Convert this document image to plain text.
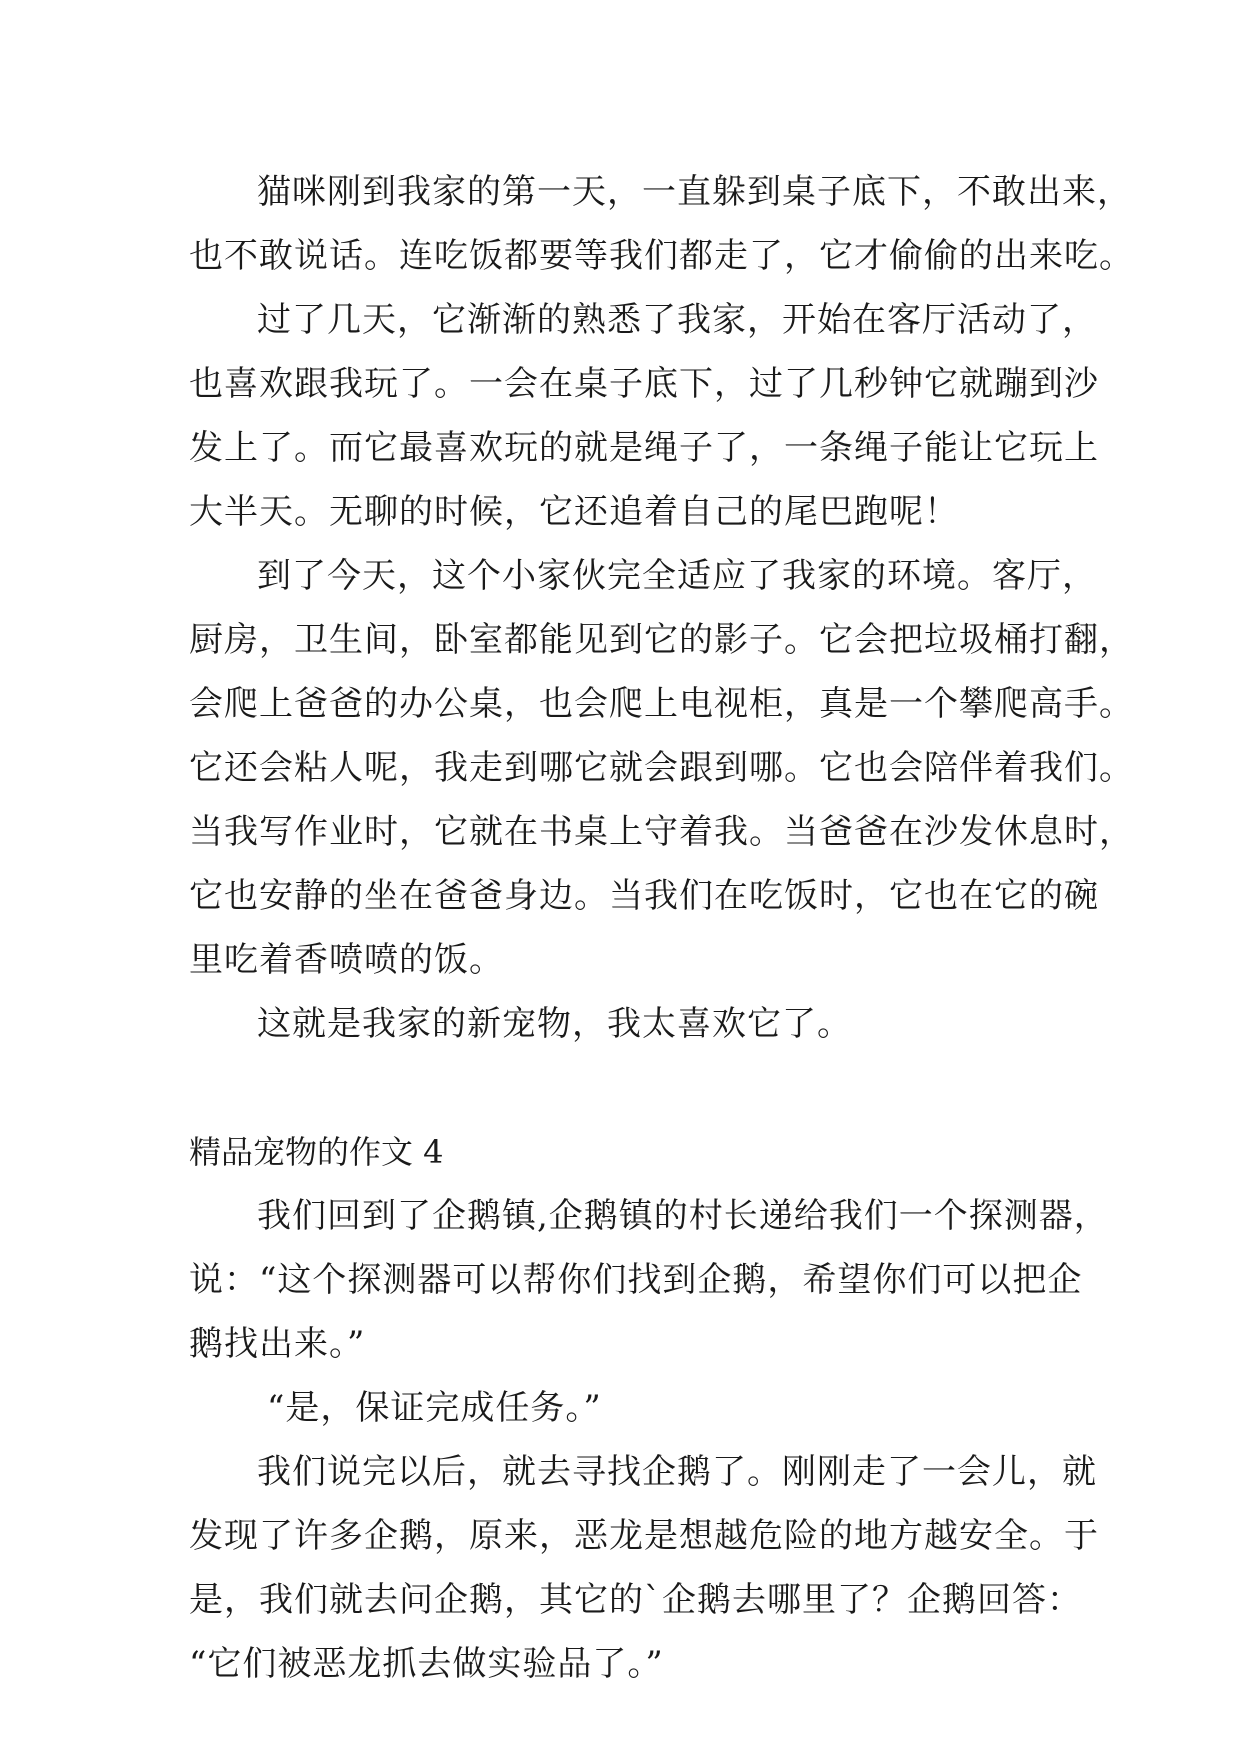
猫咪刚到我家的第一天，一直躲到桌子底下，不敢出来，
也不敢说话。连吃饭都要等我们都走了，它才偷偷的出来吃。
过了几天，它渐渐的熟悉了我家，开始在客厅活动了，
也喜欢跟我玩了。一会在桌子底下，过了几秒钟它就蹦到沙
发上了。而它最喜欢玩的就是绳子了，一条绳子能让它玩上
大半天。无聊的时候，它还追着自己的尾巴跑呢！
到了今天，这个小家伙完全适应了我家的环境。客厅，
厨房，卫生间，卧室都能见到它的影子。它会把垃圾桶打翻，
会爬上爸爸的办公桌，也会爬上电视柜，真是一个攀爬高手。
它还会粘人呢，我走到哪它就会跟到哪。它也会陪伴着我们。
当我写作业时，它就在书桌上守着我。当爸爸在沙发休息时，
它也安静的坐在爸爸身边。当我们在吃饭时，它也在它的碗
里吃着香喷喷的饭。
这就是我家的新宠物，我太喜欢它了。
精品宠物的作文 4
我们回到了企鹅镇,企鹅镇的村长递给我们一个探测器，
说：“这个探测器可以帮你们找到企鹅，希望你们可以把企
鹅找出来。”
“是，保证完成任务。”
我们说完以后，就去寻找企鹅了。刚刚走了一会儿，就
发现了许多企鹅，原来，恶龙是想越危险的地方越安全。于
是，我们就去问企鹅，其它的`企鹅去哪里了？企鹅回答：
“它们被恶龙抓去做实验品了。”
